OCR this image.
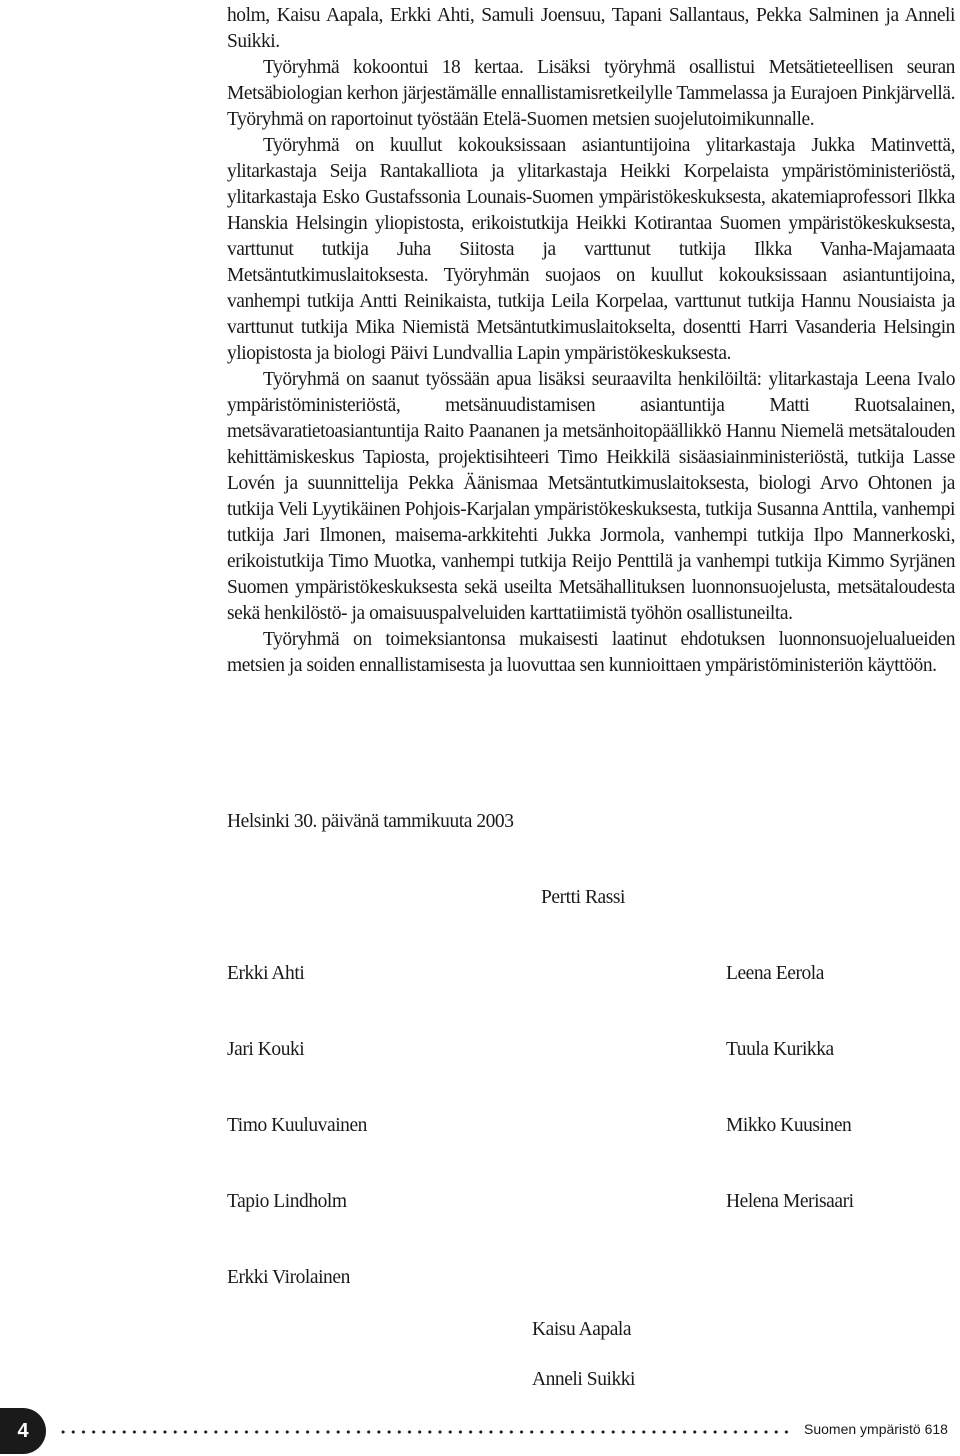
holm, Kaisu Aapala, Erkki Ahti, Samuli Joensuu, Tapani Sallantaus, Pekka Salminen ja Anneli Suikki.

Työryhmä kokoontui 18 kertaa. Lisäksi työryhmä osallistui Metsätieteellisen seuran Metsäbiologian kerhon järjestämälle ennallistamisretkeilylle Tammelassa ja Eurajoen Pinkjärvellä. Työryhmä on raportoinut työstään Etelä-Suomen metsien suojelutoimikunnalle.

Työryhmä on kuullut kokouksissaan asiantuntijoina ylitarkastaja Jukka Matinvettä, ylitarkastaja Seija Rantakalliota ja ylitarkastaja Heikki Korpelaista ympäristöministeriöstä, ylitarkastaja Esko Gustafssonia Lounais-Suomen ympäristökeskuksesta, akatemiaprofessori Ilkka Hanskia Helsingin yliopistosta, erikoistutkija Heikki Kotirantaa Suomen ympäristökeskuksesta, varttunut tutkija Juha Siitosta ja varttunut tutkija Ilkka Vanha-Majamaata Metsäntutkimuslaitoksesta. Työryhmän suojaos on kuullut kokouksissaan asiantuntijoina, vanhempi tutkija Antti Reinikaista, tutkija Leila Korpelaa, varttunut tutkija Hannu Nousiaista ja varttunut tutkija Mika Niemistä Metsäntutkimuslaitokselta, dosentti Harri Vasanderia Helsingin yliopistosta ja biologi Päivi Lundvallia Lapin ympäristökeskuksesta.

Työryhmä on saanut työssään apua lisäksi seuraavilta henkilöiltä: ylitarkastaja Leena Ivalo ympäristöministeriöstä, metsänuudistamisen asiantuntija Matti Ruotsalainen, metsävaratietoasiantuntija Raito Paananen ja metsänhoitopäällikkö Hannu Niemelä metsätalouden kehittämiskeskus Tapiosta, projektisihteeri Timo Heikkilä sisäasiainministeriöstä, tutkija Lasse Lovén ja suunnittelija Pekka Äänismaa Metsäntutkimuslaitoksesta, biologi Arvo Ohtonen ja tutkija Veli Lyytikäinen Pohjois-Karjalan ympäristökeskuksesta, tutkija Susanna Anttila, vanhempi tutkija Jari Ilmonen, maisema-arkkitehti Jukka Jormola, vanhempi tutkija Ilpo Mannerkoski, erikoistutkija Timo Muotka, vanhempi tutkija Reijo Penttilä ja vanhempi tutkija Kimmo Syrjänen Suomen ympäristökeskuksesta sekä useilta Metsähallituksen luonnonsuojelusta, metsätaloudesta sekä henkilöstö- ja omaisuuspalveluiden karttatiimistä työhön osallistuneilta.

Työryhmä on toimeksiantonsa mukaisesti laatinut ehdotuksen luonnonsuojelualueiden metsien ja soiden ennallistamisesta ja luovuttaa sen kunnioittaen ympäristöministeriön käyttöön.

Helsinki 30. päivänä tammikuuta 2003
Pertti Rassi
Erkki Ahti	Leena Eerola
Jari Kouki	Tuula Kurikka
Timo Kuuluvainen	Mikko Kuusinen
Tapio Lindholm	Helena Merisaari
Erkki Virolainen
Kaisu Aapala
Anneli Suikki
4	Suomen ympäristö 618
